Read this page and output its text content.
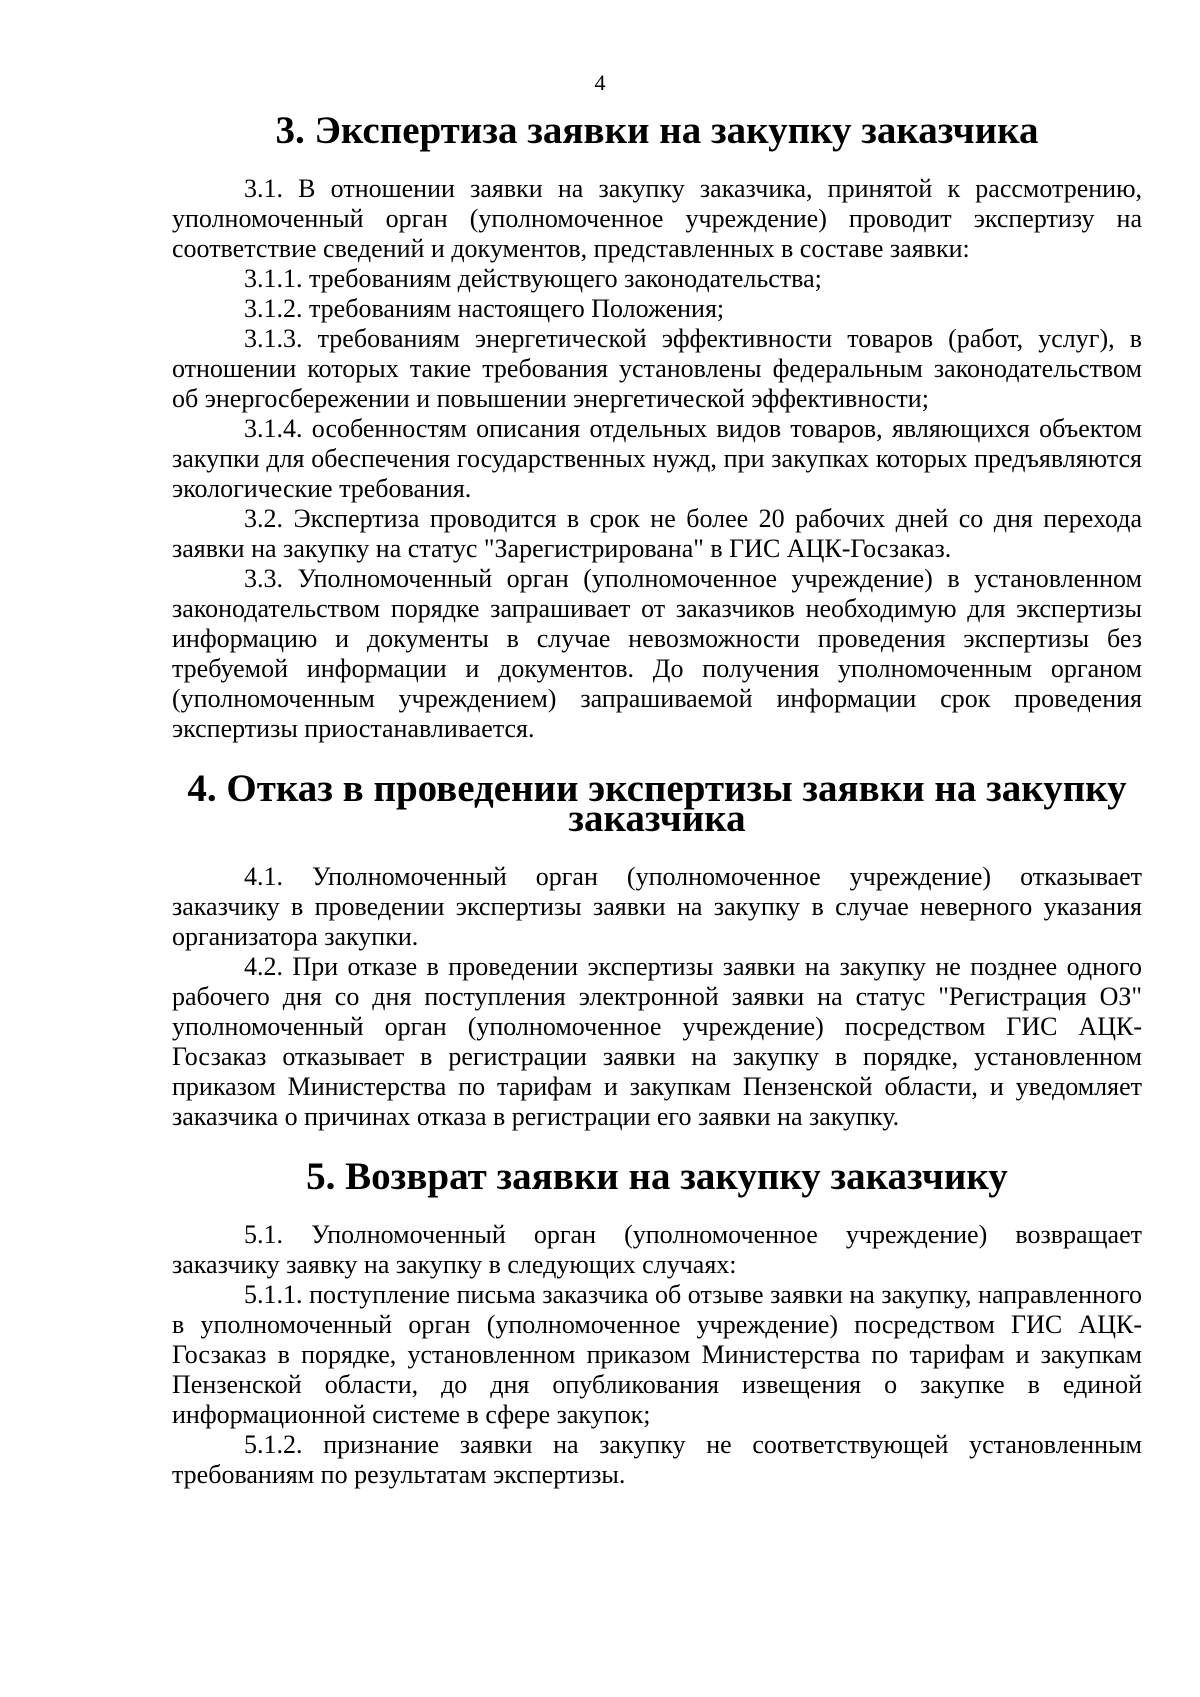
4
3. Экспертиза заявки на закупку заказчика

3.1. В отношении заявки на закупку заказчика, принятой к рассмотрению, уполномоченный орган (уполномоченное учреждение) проводит экспертизу на соответствие сведений и документов, представленных в составе заявки:

3.1.1. требованиям действующего законодательства;

3.1.2. требованиям настоящего Положения;

3.1.3. требованиям энергетической эффективности товаров (работ, услуг), в отношении которых такие требования установлены федеральным законодательством об энергосбережении и повышении энергетической эффективности;

3.1.4. особенностям описания отдельных видов товаров, являющихся объектом закупки для обеспечения государственных нужд, при закупках которых предъявляются экологические требования.

3.2. Экспертиза проводится в срок не более 20 рабочих дней со дня перехода заявки на закупку на статус "Зарегистрирована" в ГИС АЦК-Госзаказ.

3.3. Уполномоченный орган (уполномоченное учреждение) в установленном законодательством порядке запрашивает от заказчиков необходимую для экспертизы информацию и документы в случае невозможности проведения экспертизы без требуемой информации и документов. До получения уполномоченным органом (уполномоченным учреждением) запрашиваемой информации срок проведения экспертизы приостанавливается.

4. Отказ в проведении экспертизы заявки на закупку заказчика

4.1. Уполномоченный орган (уполномоченное учреждение) отказывает заказчику в проведении экспертизы заявки на закупку в случае неверного указания организатора закупки.

4.2. При отказе в проведении экспертизы заявки на закупку не позднее одного рабочего дня со дня поступления электронной заявки на статус "Регистрация ОЗ" уполномоченный орган (уполномоченное учреждение) посредством ГИС АЦК-Госзаказ отказывает в регистрации заявки на закупку в порядке, установленном приказом Министерства по тарифам и закупкам Пензенской области, и уведомляет заказчика о причинах отказа в регистрации его заявки на закупку.

5. Возврат заявки на закупку заказчику

5.1. Уполномоченный орган (уполномоченное учреждение) возвращает заказчику заявку на закупку в следующих случаях:

5.1.1. поступление письма заказчика об отзыве заявки на закупку, направленного в уполномоченный орган (уполномоченное учреждение) посредством ГИС АЦК-Госзаказ в порядке, установленном приказом Министерства по тарифам и закупкам Пензенской области, до дня опубликования извещения о закупке в единой информационной системе в сфере закупок;

5.1.2. признание заявки на закупку не соответствующей установленным требованиям по результатам экспертизы.
